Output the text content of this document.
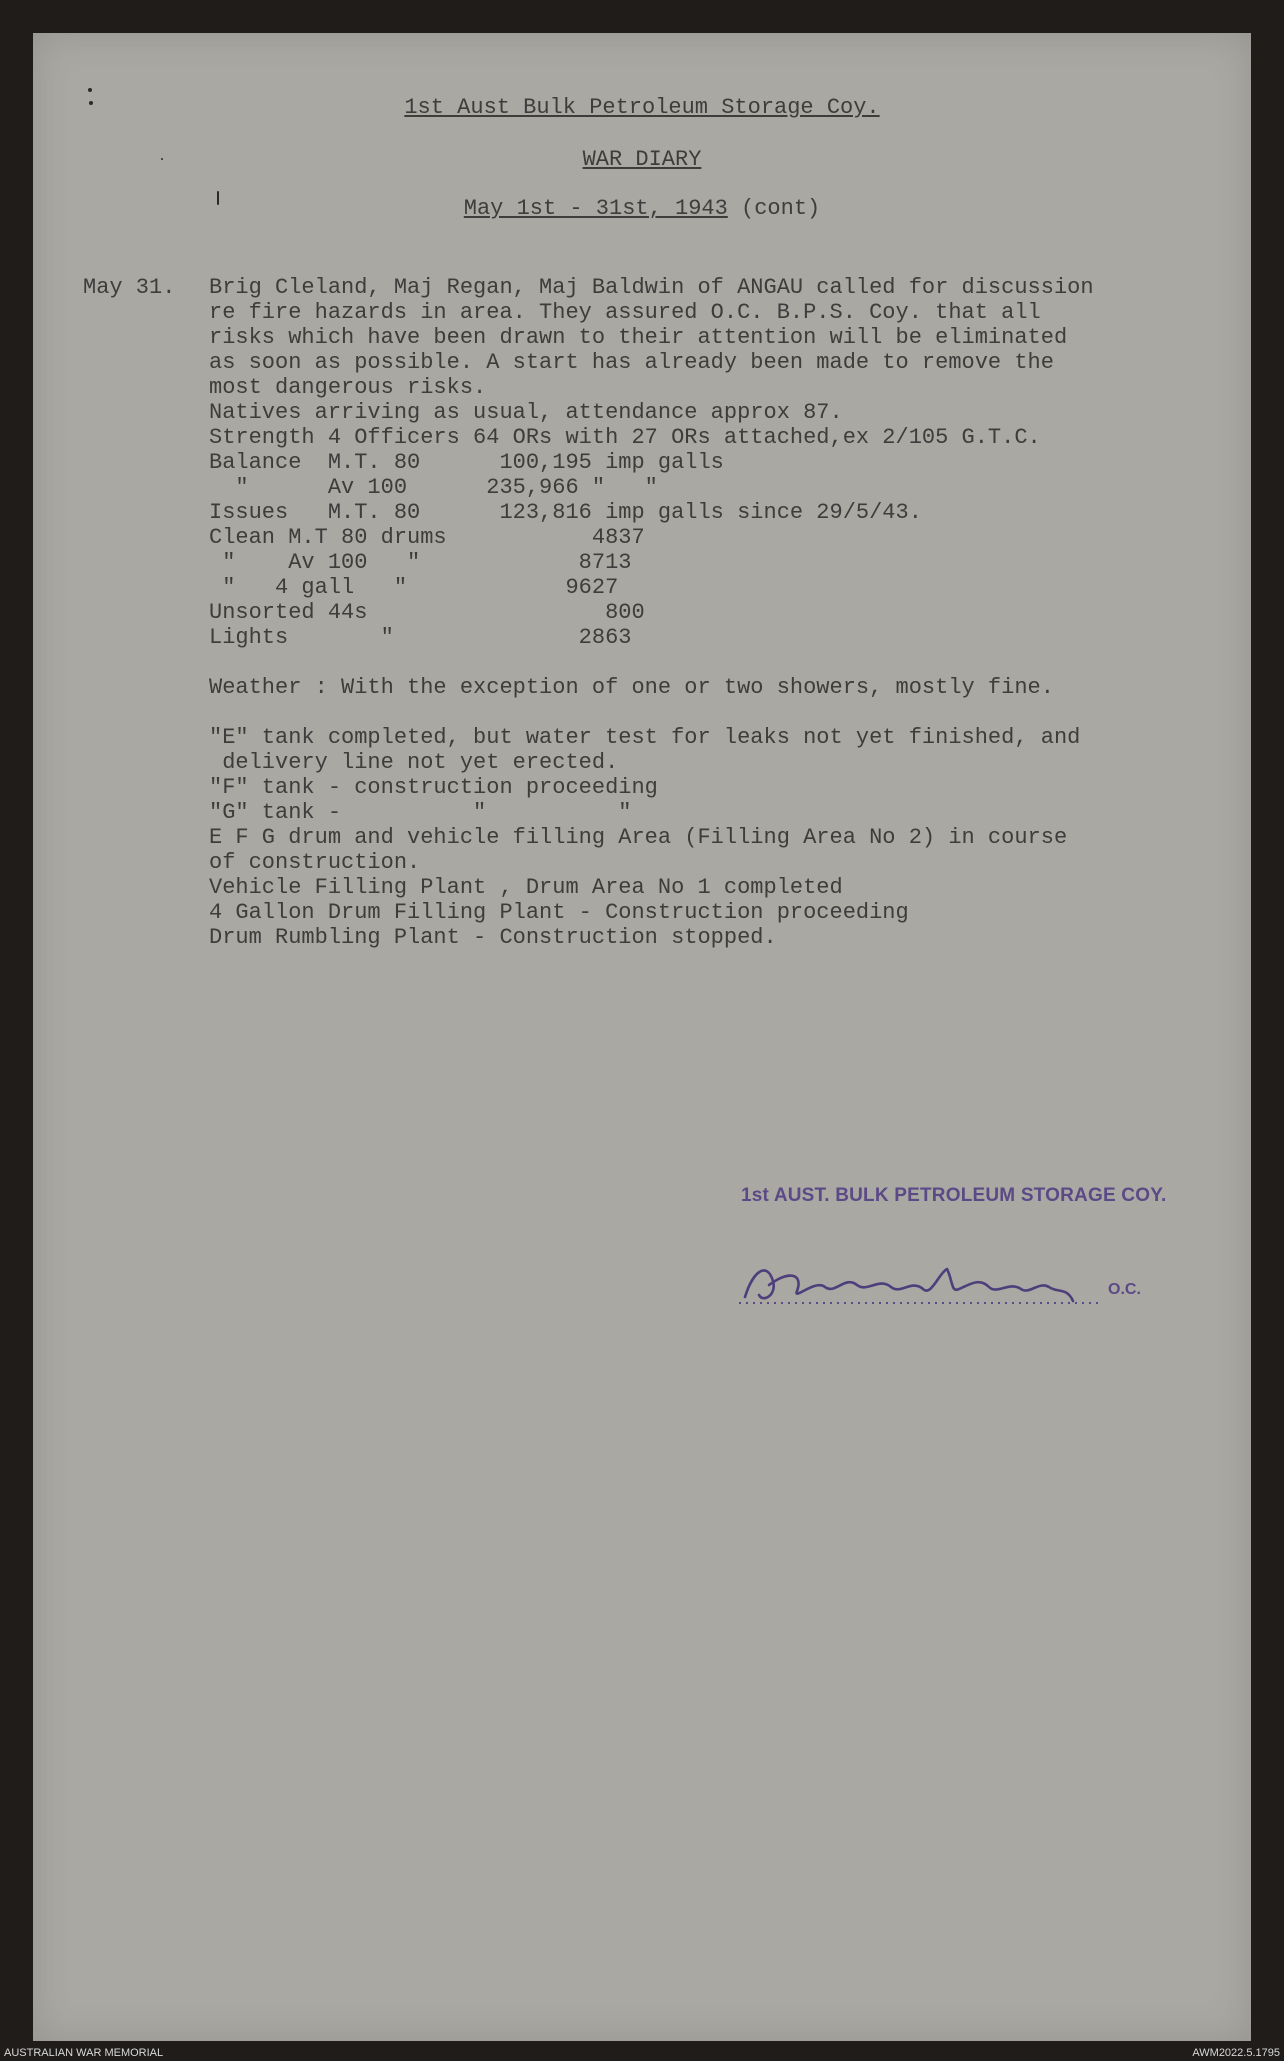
1st Aust Bulk Petroleum Storage Coy.
WAR DIARY
May 1st - 31st, 1943 (cont)
May 31. Brig Cleland, Maj Regan, Maj Baldwin of ANGAU called for discussion
re fire hazards in area. They assured O.C. B.P.S. Coy. that all
risks which have been drawn to their attention will be eliminated
as soon as possible. A start has already been made to remove the
most dangerous risks.
Natives arriving as usual, attendance approx 87.
Strength 4 Officers 64 ORs with 27 ORs attached,ex 2/105 G.T.C.
Balance  M.T. 80      100,195 imp galls
"      Av 100      235,966 "   "
Issues   M.T. 80      123,816 imp galls since 29/5/43.
Clean M.T 80 drums           4837
"    Av 100   "            8713
"   4 gall   "            9627
Unsorted 44s                  800
Lights       "              2863
Weather : With the exception of one or two showers, mostly fine.
"E" tank completed, but water test for leaks not yet finished, and
delivery line not yet erected.
"F" tank - construction proceeding
"G" tank -          "          "
E F G drum and vehicle filling Area (Filling Area No 2) in course
of construction.
Vehicle Filling Plant , Drum Area No 1 completed
4 Gallon Drum Filling Plant - Construction proceeding
Drum Rumbling Plant - Construction stopped.
1st AUST. BULK PETROLEUM STORAGE COY.
O.C.
AUSTRALIAN WAR MEMORIAL	AWM2022.5.1795
